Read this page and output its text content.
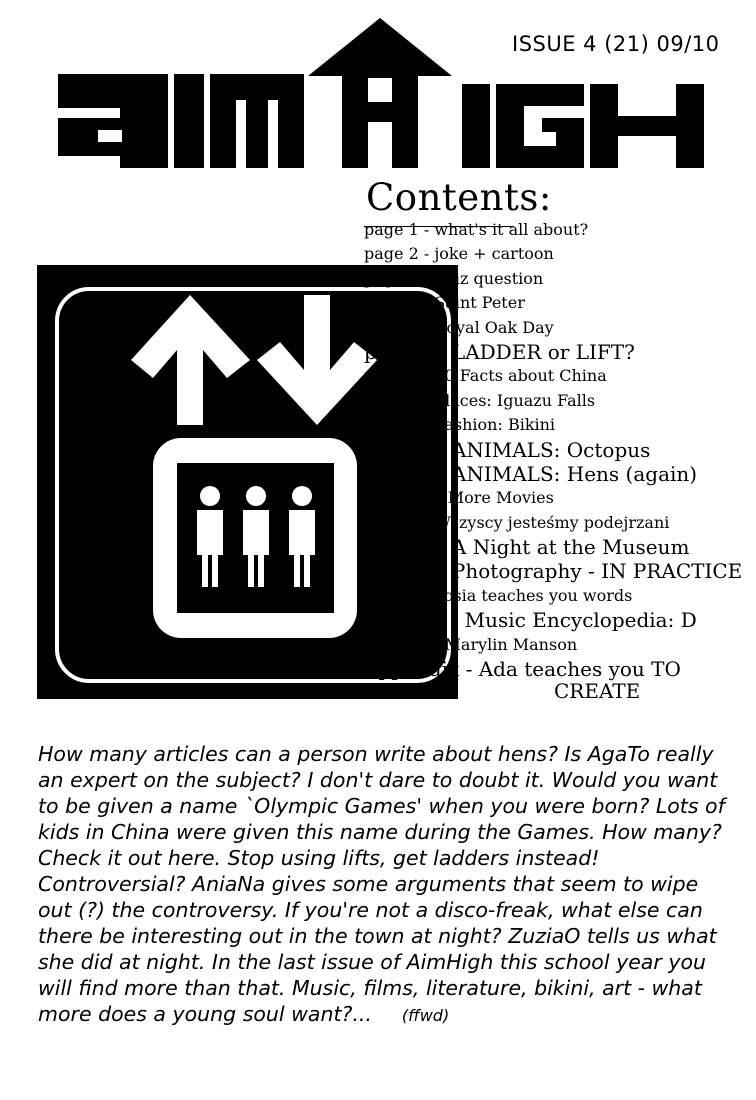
ISSUE 4 (21) 09/10
Contents:
page 1 - what's it all about?
page 2 - joke + cartoon
page 2 - quiz question
page 3 - Saint Peter
page 3 - Royal Oak Day
page 4 - LADDER or LIFT?
page 4 - 10 Facts about China
page 5 - Places: Iguazu Falls
page 5 - Fashion: Bikini
page 6 - ANIMALS: Octopus
page 6 - ANIMALS: Hens (again)
page 7+ - More Movies
page 7 - Wszyscy jesteśmy podejrzani
page 8 - A Night at the Museum
page 8 - Photography - IN PRACTICE
page 9 - Tosia teaches you words
page 10 - Music Encyclopedia: D
page 10 - Marylin Manson
Appendix - Ada teaches you TO
CREATE

How many articles can a person write about hens? Is AgaTo really an expert on the subject? I don't dare to doubt it. Would you want to be given a name `Olympic Games' when you were born? Lots of kids in China were given this name during the Games. How many? Check it out here. Stop using lifts, get ladders instead! Controversial? AniaNa gives some arguments that seem to wipe out (?) the controversy. If you're not a disco-freak, what else can there be interesting out in the town at night? ZuziaO tells us what she did at night. In the last issue of AimHigh this school year you will find more than that. Music, films, literature, bikini, art - what more does a young soul want?... (ffwd)
